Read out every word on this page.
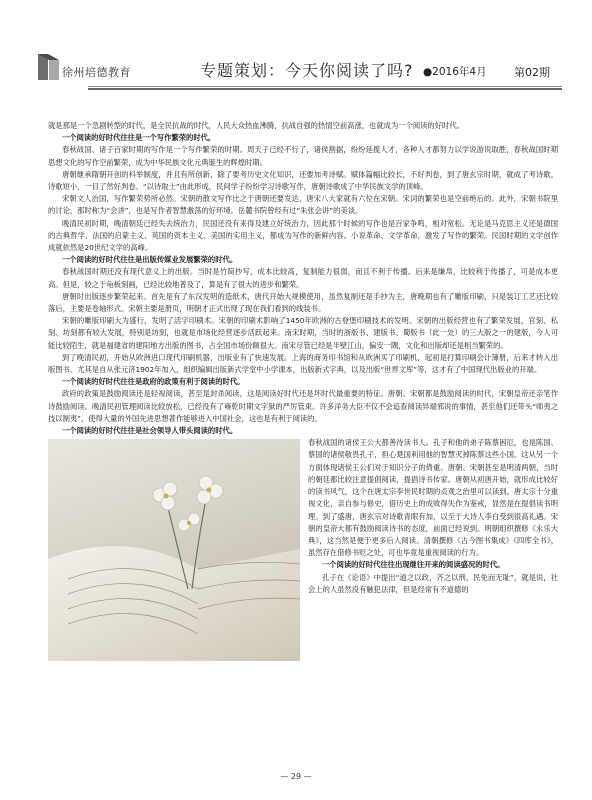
徐州培德教育	专题策划：今天你阅读了吗? ●2016年4月 第02期
就是那是一个急剧转型的时代，是全民抗战的时代，人民大众热血沸腾，抗战自强的热情空前高涨，也就成为一个阅读的好时代。
一个阅读的好时代往往是一个写作繁荣的时代。
春秋战国、诸子百家时期的写作是一个写作繁荣的时期。周天子已经不行了，诸侯割据，纷纷延揽人才，各种人才都努力以学说游说取胜，春秋战国时期思想文化的写作空前繁荣，成为中华民族文化元典诞生的辉煌时期。
唐朝继承隋朝开创的科举制度，并且有所创新，除了要考历史文化知识，还要加考诗赋。赋体篇幅比较长，不好判卷，到了唐玄宗时期，就成了考诗歌，诗歌短小，一目了然好判卷。“以诗取士”由此形成，民间学子纷纷学习诗歌写作，唐朝诗歌成了中华民族文学的顶峰。
宋朝文人治国，写作繁荣势所必然。宋朝的散文写作比之于唐朝还要发达，唐宋八大家就有六位在宋朝。宋词的繁荣也是空前绝后的。此外，宋朝书院里的讨论，那时称为“会讲”，也是写作者智慧激荡的好环境。岳麓书院曾经有过“朱张会讲”的美谈。
晚清民初时期，晚清朝廷已经失去统治力，民国还没有来得及建立好统治力，因此那个时候的写作也是百家争鸣，相对宽松。无论是马克思主义还是德国的古典哲学、法国的启蒙主义、英国的资本主义、美国的实用主义，都成为写作的新鲜内容。小说革命、文学革命，激发了写作的繁荣。民国时期的文学创作成就依然是20世纪文学的高峰。
一个阅读的好时代往往是出版传媒业发展繁荣的时代。
春秋战国时期还没有现代意义上的出版。当时是竹简抄写，成本比较高，复制能力很弱，而且不利于传播。后来是缣帛，比较利于传播了，可是成本更高。但是，较之于龟板刻画，已经比较地普及了，算是有了很大的进步和繁荣。
唐朝时出版逐步繁荣起来。首先是有了东汉发明的造纸术，唐代开始大规模使用，虽然复制还是手抄为主，唐晚期也有了雕版印刷，只是装订工艺还比较落后，主要是卷轴形式。宋朝主要是册页，明朝才正式出现了现在我们看到的线装书。
宋朝的雕版印刷大为盛行，发明了活字印刷术。宋朝的印刷术影响了1450年欧洲的古登堡印刷技术的发明。宋朝的出版经营也有了繁荣发展，官刻、私刻、坊刻都有较大发展，特别是坊刻，也就是市场化经营逐步活跃起来。南宋时期，当时的浙版书、建版书、蜀版书（此一处）的三大版之一的建版，今人可能比较陌生，就是福建省的建阳地方出版的图书，占全国市场份额很大。南宋尽管已经是半壁江山，偏安一隅，文化和出版却还是相当繁荣的。
到了晚清民初，开始从欧洲进口现代印刷机器，出版业有了快速发展。上海的商务印书馆和从欧洲买了印刷机，起初是打算印刷会计簿册，后来才转入出版图书。尤其是自从张元济1902年加入，组织编辑出版新式学堂中小学课本，出版新式字典，以及出版“世界文库”等，这才有了中国现代出版业的开端。
一个阅读的好时代往往是政府的政策有利于阅读的时代。
政府的政策是鼓励阅读还是轻视阅读，甚至是封杀阅读，这是阅读好时代还是坏时代最重要的特征。唐朝、宋朝都是鼓励阅读的时代，宋朝皇帝还亲笔作诗鼓励阅读。晚清民初管理阅读比较放松，已经没有了雍乾时期文字狱的严厉管束。许多洋务大臣不仅不会追查阅读异端邪说的事情，甚至他们还带头“师夷之技以制夷”，使得大量的外国先进思想著作能够进入中国社会，这也是有利于阅读的。
一个阅读的好时代往往是社会领导人带头阅读的时代。
春秋战国的诸侯王公大都善待读书人。孔子和他的弟子陈蔡困厄，也是陈国、蔡国的诸侯敬畏孔子，担心楚国利用他的智慧灭掉陈蔡这些小国。这从另一个方面体现诸侯王公们对于知识分子的倚重。唐朝、宋朝甚至是明清两朝，当时的朝廷都比较注意提倡阅读，提倡诗书传家。唐朝从初唐开始，就形成比较好的读书风气，这个在唐太宗李世民时期的贞观之治里可以读到。唐太宗十分重视文化，亲自参与修史，借历史上的成败得失作为鉴戒，显然是在提倡读书明理。到了盛唐，唐玄宗对诗歌青眼有加，以至于大诗人李白受到很高礼遇。宋朝的皇帝大都有鼓励阅读诗书的态度，前面已经说到。明朝组织撰修《永乐大典》，这当然是便于更多后人阅读。清朝撰修《古今图书集成》《四库全书》，虽然存在借修书贬之处，可也毕竟是重视阅读的行为。
一个阅读的好时代往往出现继往开来的阅读盛况的时代。
孔子在《论语》中提出“道之以政，齐之以刑，民免而无耻”，就是说，社会上的人虽然没有触犯法律，但是经常有不道德的
— 29 —
